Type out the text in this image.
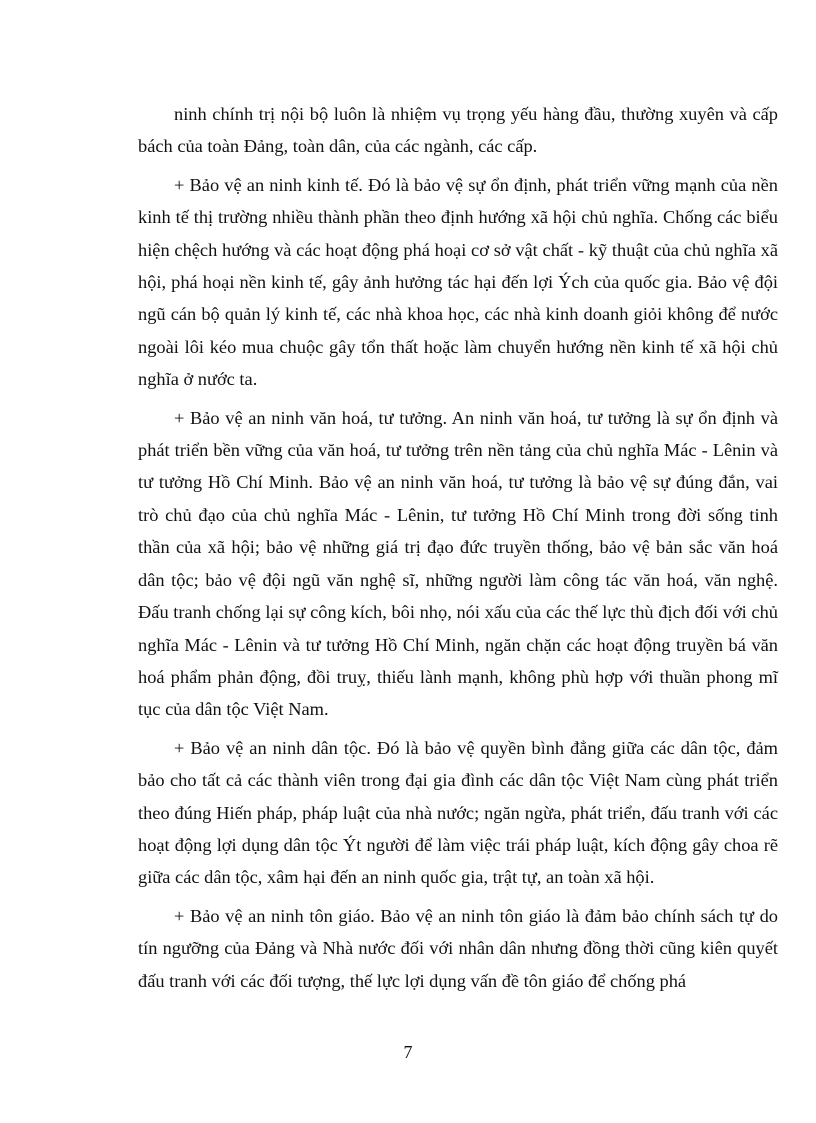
ninh chính trị nội bộ luôn là nhiệm vụ trọng yếu hàng đầu, thường xuyên và cấp bách của toàn Đảng, toàn dân, của các ngành, các cấp.

+ Bảo vệ an ninh kinh tế. Đó là bảo vệ sự ổn định, phát triển vững mạnh của nền kinh tế thị trường nhiều thành phần theo định hướng xã hội chủ nghĩa. Chống các biểu hiện chệch hướng và các hoạt động phá hoại cơ sở vật chất - kỹ thuật của chủ nghĩa xã hội, phá hoại nền kinh tế, gây ảnh hưởng tác hại đến lợi Ých của quốc gia. Bảo vệ đội ngũ cán bộ quản lý kinh tế, các nhà khoa học, các nhà kinh doanh giỏi không để nước ngoài lôi kéo mua chuộc gây tổn thất hoặc làm chuyển hướng nền kinh tế xã hội chủ nghĩa ở nước ta.

+ Bảo vệ an ninh văn hoá, tư tưởng. An ninh văn hoá, tư tưởng là sự ổn định và phát triển bền vững của văn hoá, tư tưởng trên nền tảng của chủ nghĩa Mác - Lênin và tư tưởng Hồ Chí Minh. Bảo vệ an ninh văn hoá, tư tưởng là bảo vệ sự đúng đắn, vai trò chủ đạo của chủ nghĩa Mác - Lênin, tư tưởng Hồ Chí Minh trong đời sống tinh thần của xã hội; bảo vệ những giá trị đạo đức truyền thống, bảo vệ bản sắc văn hoá dân tộc; bảo vệ đội ngũ văn nghệ sĩ, những người làm công tác văn hoá, văn nghệ. Đấu tranh chống lại sự công kích, bôi nhọ, nói xấu của các thế lực thù địch đối với chủ nghĩa Mác - Lênin và tư tưởng Hồ Chí Minh, ngăn chặn các hoạt động truyền bá văn hoá phẩm phản động, đồi truỵ, thiếu lành mạnh, không phù hợp với thuần phong mĩ tục của dân tộc Việt Nam.

+ Bảo vệ an ninh dân tộc. Đó là bảo vệ quyền bình đẳng giữa các dân tộc, đảm bảo cho tất cả các thành viên trong đại gia đình các dân tộc Việt Nam cùng phát triển theo đúng Hiến pháp, pháp luật của nhà nước; ngăn ngừa, phát triển, đấu tranh với các hoạt động lợi dụng dân tộc Ýt người để làm việc trái pháp luật, kích động gây choa rẽ giữa các dân tộc, xâm hại đến an ninh quốc gia, trật tự, an toàn xã hội.

+ Bảo vệ an ninh tôn giáo. Bảo vệ an ninh tôn giáo là đảm bảo chính sách tự do tín ngưỡng của Đảng và Nhà nước đối với nhân dân nhưng đồng thời cũng kiên quyết đấu tranh với các đối tượng, thế lực lợi dụng vấn đề tôn giáo để chống phá

7
